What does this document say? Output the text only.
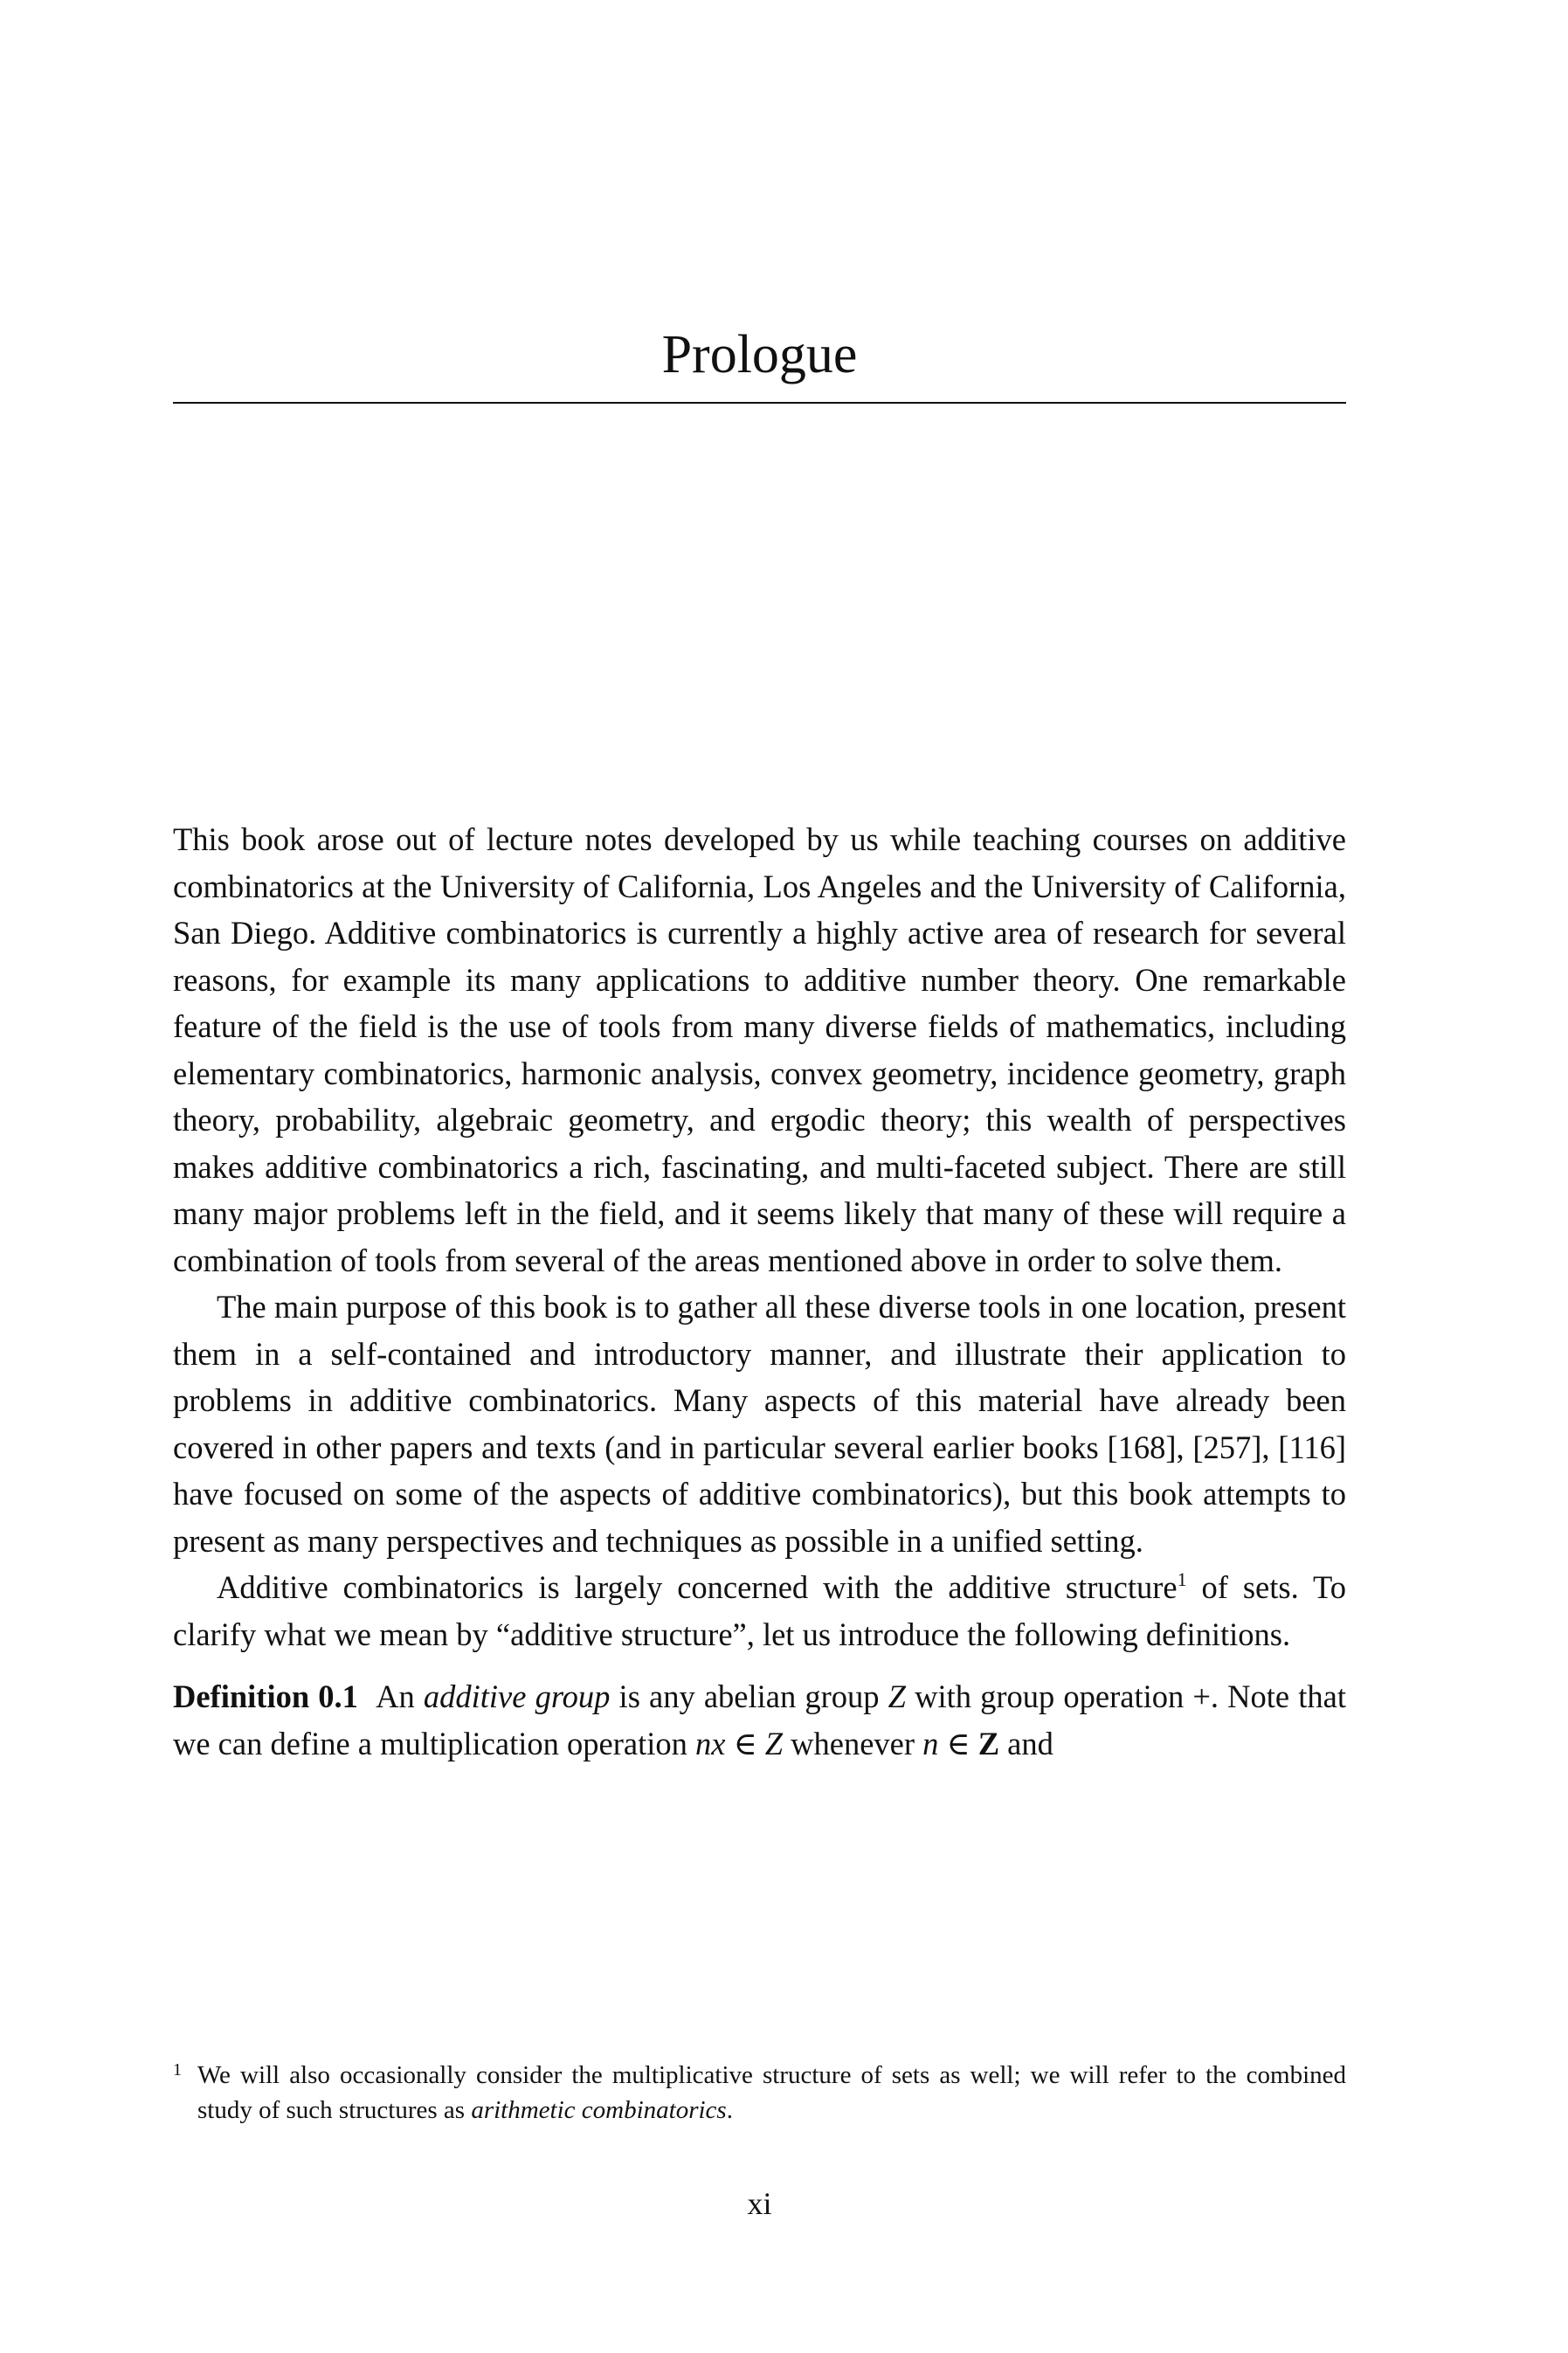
Prologue

This book arose out of lecture notes developed by us while teaching courses on additive combinatorics at the University of California, Los Angeles and the University of California, San Diego. Additive combinatorics is currently a highly active area of research for several reasons, for example its many applications to additive number theory. One remarkable feature of the field is the use of tools from many diverse fields of mathematics, including elementary combinatorics, harmonic analysis, convex geometry, incidence geometry, graph theory, probability, algebraic geometry, and ergodic theory; this wealth of perspectives makes additive combinatorics a rich, fascinating, and multi-faceted subject. There are still many major problems left in the field, and it seems likely that many of these will require a combination of tools from several of the areas mentioned above in order to solve them.

The main purpose of this book is to gather all these diverse tools in one location, present them in a self-contained and introductory manner, and illustrate their application to problems in additive combinatorics. Many aspects of this material have already been covered in other papers and texts (and in particular several earlier books [168], [257], [116] have focused on some of the aspects of additive combinatorics), but this book attempts to present as many perspectives and techniques as possible in a unified setting.

Additive combinatorics is largely concerned with the additive structure$^1$ of sets. To clarify what we mean by “additive structure”, let us introduce the following definitions.

Definition 0.1 An additive group is any abelian group Z with group operation +. Note that we can define a multiplication operation nx ∈ Z whenever n ∈ Z and

1 We will also occasionally consider the multiplicative structure of sets as well; we will refer to the combined study of such structures as arithmetic combinatorics.
xi
